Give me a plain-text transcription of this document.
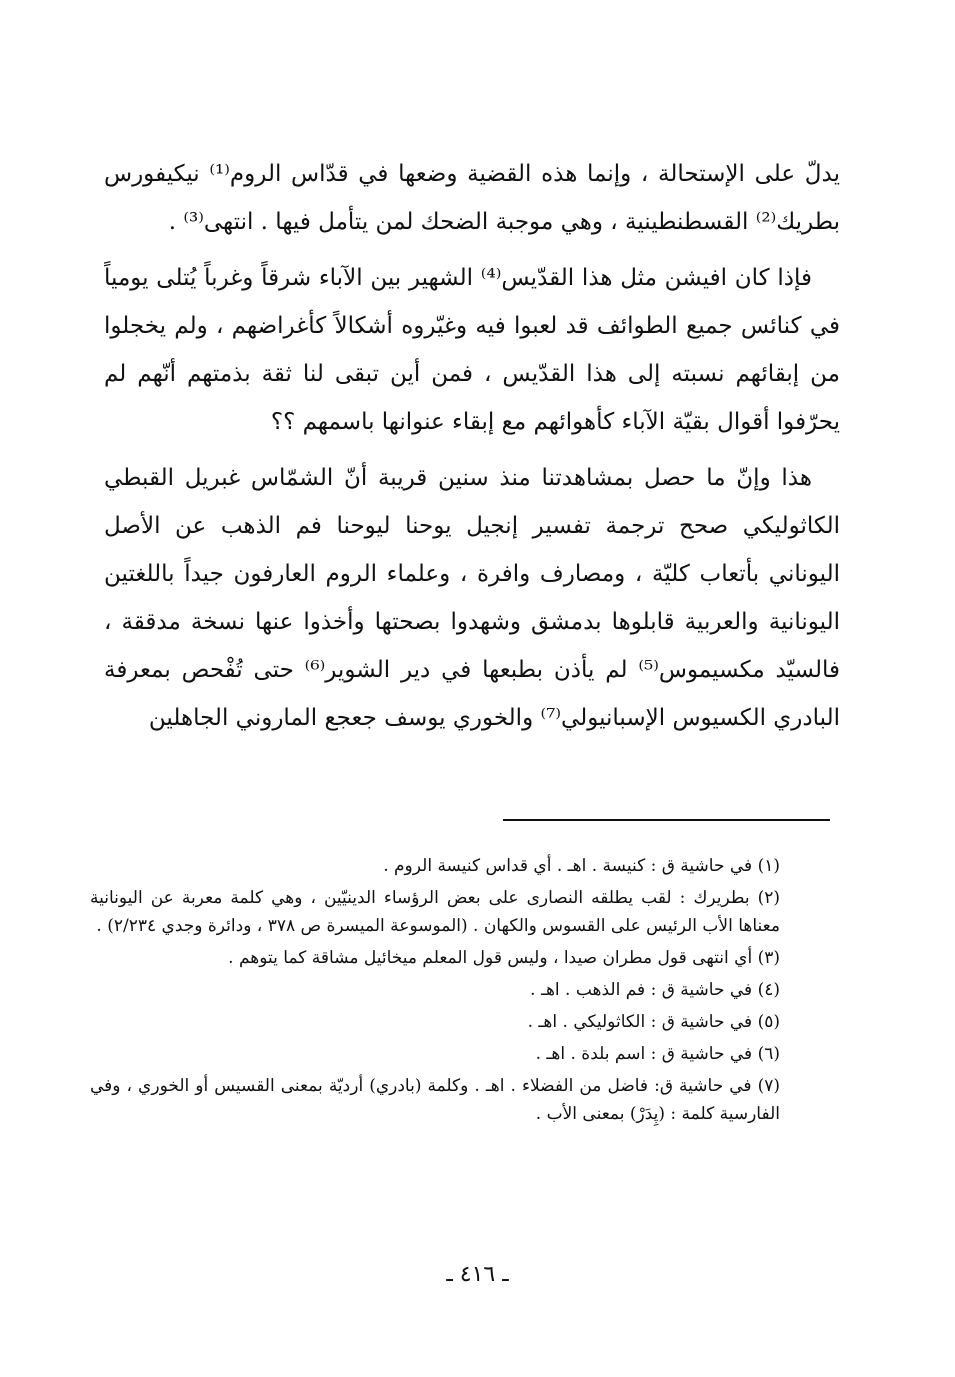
يدلّ على الإستحالة ، وإنما هذه القضية وضعها في قدّاس الروم⁽¹⁾ نيكيفورس بطريك⁽²⁾ القسطنطينية ، وهي موجبة الضحك لمن يتأمل فيها . انتهى⁽³⁾ .

فإذا كان افيشن مثل هذا القدّيس⁽⁴⁾ الشهير بين الآباء شرقاً وغرباً يُتلى يومياً في كنائس جميع الطوائف قد لعبوا فيه وغيّروه أشكالاً كأغراضهم ، ولم يخجلوا من إبقائهم نسبته إلى هذا القدّيس ، فمن أين تبقى لنا ثقة بذمتهم أنّهم لم يحرّفوا أقوال بقيّة الآباء كأهوائهم مع إبقاء عنوانها باسمهم ؟؟

هذا وإنّ ما حصل بمشاهدتنا منذ سنين قريبة أنّ الشمّاس غبريل القبطي الكاثوليكي صحح ترجمة تفسير إنجيل يوحنا ليوحنا فم الذهب عن الأصل اليوناني بأتعاب كليّة ، ومصارف وافرة ، وعلماء الروم العارفون جيداً باللغتين اليونانية والعربية قابلوها بدمشق وشهدوا بصحتها وأخذوا عنها نسخة مدققة ، فالسيّد مكسيموس⁽⁵⁾ لم يأذن بطبعها في دير الشوير⁽⁶⁾ حتى تُفْحص بمعرفة البادري الكسيوس الإسبانيولي⁽⁷⁾ والخوري يوسف جعجع الماروني الجاهلين

(١) في حاشية ق : كنيسة . اهـ . أي قداس كنيسة الروم .

(٢) بطريرك : لقب يطلقه النصارى على بعض الرؤساء الدينيّين ، وهي كلمة معربة عن اليونانية معناها الأب الرئيس على القسوس والكهان . (الموسوعة الميسرة ص ٣٧٨ ، ودائرة وجدي ٢/٢٣٤) .

(٣) أي انتهى قول مطران صيدا ، وليس قول المعلم ميخائيل مشاقة كما يتوهم .

(٤) في حاشية ق : فم الذهب . اهـ .

(٥) في حاشية ق : الكاثوليكي . اهـ .

(٦) في حاشية ق : اسم بلدة . اهـ .

(٧) في حاشية ق: فاضل من الفضلاء . اهـ . وكلمة (بادري) أرديّة بمعنى القسيس أو الخوري ، وفي الفارسية كلمة : (پِدَرْ) بمعنى الأب .

ـ ٤١٦ ـ
